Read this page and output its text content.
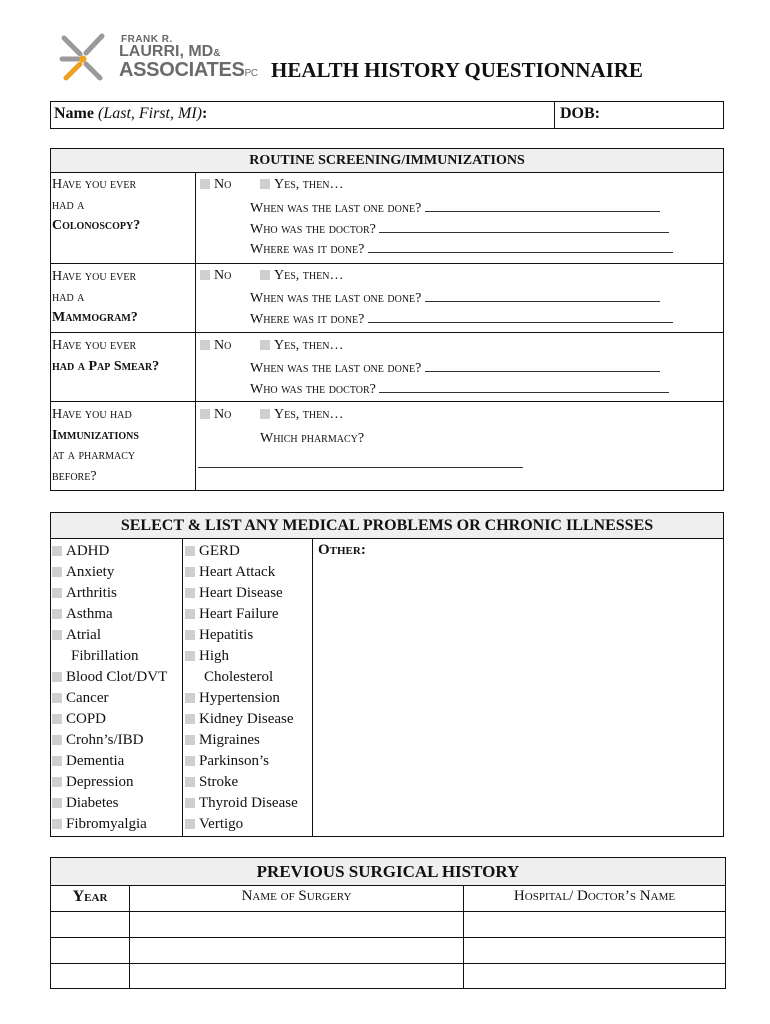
FRANK R.
LAURRI, MD&
ASSOCIATESPC HEALTH HISTORY QUESTIONNAIRE
Name (Last, First, MI):	DOB:
ROUTINE SCREENING/IMMUNIZATIONS
Have you ever
had a
Colonoscopy?
No	Yes, then…
When was the last one done?
Who was the doctor?
Where was it done?
Have you ever
had a
Mammogram?
No	Yes, then…
When was the last one done?
Where was it done?
Have you ever
had a Pap Smear?
No	Yes, then…
When was the last one done?
Who was the doctor?
Have you had
Immunizations
at a pharmacy
before?
No	Yes, then…
Which pharmacy?
SELECT & LIST ANY MEDICAL PROBLEMS OR CHRONIC ILLNESSES
ADHD
Anxiety
Arthritis
Asthma
Atrial Fibrillation
Blood Clot/DVT
Cancer
COPD
Crohn’s/IBD
Dementia
Depression
Diabetes
Fibromyalgia
GERD
Heart Attack
Heart Disease
Heart Failure
Hepatitis
High Cholesterol
Hypertension
Kidney Disease
Migraines
Parkinson’s
Stroke
Thyroid Disease
Vertigo
Other:
PREVIOUS SURGICAL HISTORY
Year	Name of Surgery	Hospital/ Doctor’s Name
